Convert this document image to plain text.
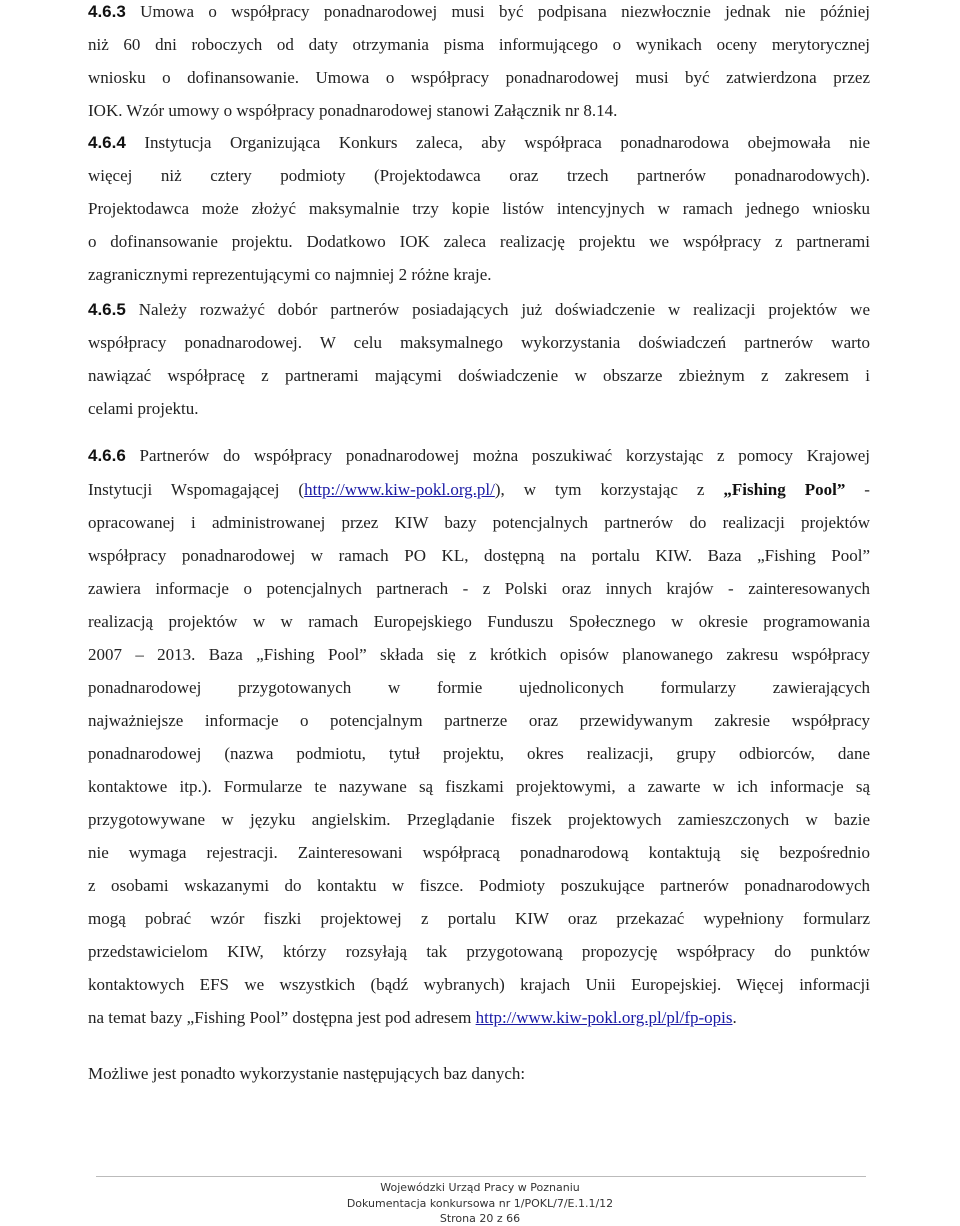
4.6.3 Umowa o współpracy ponadnarodowej musi być podpisana niezwłocznie jednak nie później
niż 60 dni roboczych od daty otrzymania pisma informującego o wynikach oceny merytorycznej
wniosku o dofinansowanie. Umowa o współpracy ponadnarodowej musi być zatwierdzona przez
IOK. Wzór umowy o współpracy ponadnarodowej stanowi Załącznik nr 8.14.
4.6.4 Instytucja Organizująca Konkurs zaleca, aby współpraca ponadnarodowa obejmowała nie
więcej niż cztery podmioty (Projektodawca oraz trzech partnerów ponadnarodowych).
Projektodawca może złożyć maksymalnie trzy kopie listów intencyjnych w ramach jednego wniosku
o dofinansowanie projektu. Dodatkowo IOK zaleca realizację projektu we współpracy z partnerami
zagranicznymi reprezentującymi co najmniej 2 różne kraje.
4.6.5 Należy rozważyć dobór partnerów posiadających już doświadczenie w realizacji projektów we
współpracy ponadnarodowej. W celu maksymalnego wykorzystania doświadczeń partnerów warto
nawiązać współpracę z partnerami mającymi doświadczenie w obszarze zbieżnym z zakresem i
celami projektu.
4.6.6 Partnerów do współpracy ponadnarodowej można poszukiwać korzystając z pomocy Krajowej
Instytucji Wspomagającej (http://www.kiw-pokl.org.pl/), w tym korzystając z „Fishing Pool” -
opracowanej i administrowanej przez KIW bazy potencjalnych partnerów do realizacji projektów
współpracy ponadnarodowej w ramach PO KL, dostępną na portalu KIW. Baza „Fishing Pool”
zawiera informacje o potencjalnych partnerach - z Polski oraz innych krajów - zainteresowanych
realizacją projektów w w ramach Europejskiego Funduszu Społecznego w okresie programowania
2007 – 2013. Baza „Fishing Pool” składa się z krótkich opisów planowanego zakresu współpracy
ponadnarodowej przygotowanych w formie ujednoliconych formularzy zawierających
najważniejsze informacje o potencjalnym partnerze oraz przewidywanym zakresie współpracy
ponadnarodowej (nazwa podmiotu, tytuł projektu, okres realizacji, grupy odbiorców, dane
kontaktowe itp.). Formularze te nazywane są fiszkami projektowymi, a zawarte w ich informacje są
przygotowywane w języku angielskim. Przeglądanie fiszek projektowych zamieszczonych w bazie
nie wymaga rejestracji. Zainteresowani współpracą ponadnarodową kontaktują się bezpośrednio
z osobami wskazanymi do kontaktu w fiszce. Podmioty poszukujące partnerów ponadnarodowych
mogą pobrać wzór fiszki projektowej z portalu KIW oraz przekazać wypełniony formularz
przedstawicielom KIW, którzy rozsyłają tak przygotowaną propozycję współpracy do punktów
kontaktowych EFS we wszystkich (bądź wybranych) krajach Unii Europejskiej. Więcej informacji
na temat bazy „Fishing Pool” dostępna jest pod adresem http://www.kiw-pokl.org.pl/pl/fp-opis.
Możliwe jest ponadto wykorzystanie następujących baz danych:
Wojewódzki Urząd Pracy w Poznaniu
Dokumentacja konkursowa nr 1/POKL/7/E.1.1/12
Strona 20 z 66
